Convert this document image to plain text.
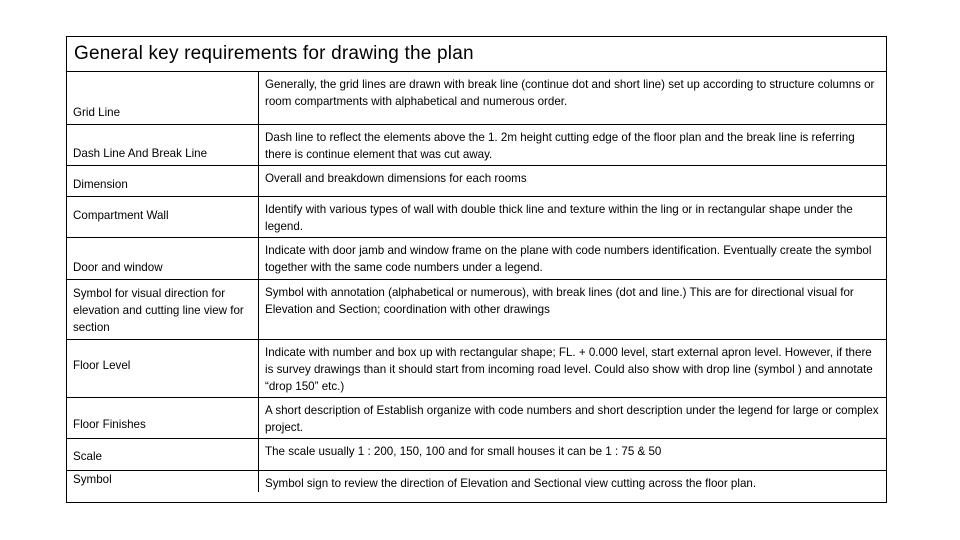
General key requirements for drawing the plan
Grid Line	Generally, the grid lines are drawn with break line (continue dot and short line) set up according to structure columns or room compartments with alphabetical and numerous order.
Dash Line And Break Line	Dash line to reflect the elements above the 1. 2m height cutting edge of the floor plan and the break line is referring there is continue element that was cut away.
Dimension	Overall and breakdown dimensions for each rooms
Compartment Wall	Identify with various types of wall with double thick line and texture within the ling or in rectangular shape under the legend.
Door and window	Indicate with door jamb and window frame on the plane with code numbers identification. Eventually create the symbol together with the same code numbers under a legend.
Symbol for visual direction for elevation and cutting line view for section	Symbol with annotation (alphabetical or numerous), with break lines (dot and line.) This are for directional visual for Elevation and Section; coordination with other drawings
Floor Level	Indicate with number and box up with rectangular shape; FL. + 0.000 level, start external apron level. However, if there is survey drawings than it should start from incoming road level. Could also show with drop line (symbol ) and annotate “drop 150” etc.)
Floor Finishes	A short description of Establish organize with code numbers and short description under the legend for large or complex project.
Scale	The scale usually 1 : 200, 150, 100 and for small houses it can be 1 : 75 & 50
Symbol	Symbol sign to review the direction of Elevation and Sectional view cutting across the floor plan.
